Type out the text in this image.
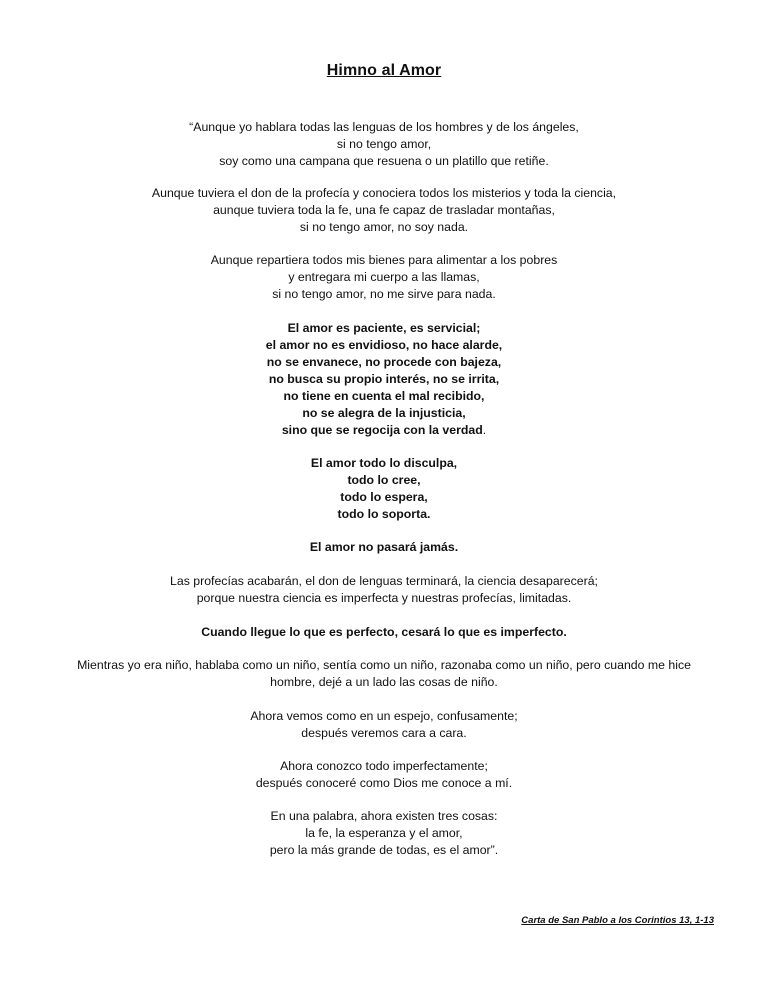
Himno al Amor
“Aunque yo hablara todas las lenguas de los hombres y de los ángeles,
si no tengo amor,
soy como una campana que resuena o un platillo que retiñe.
Aunque tuviera el don de la profecía y conociera todos los misterios y toda la ciencia,
aunque tuviera toda la fe, una fe capaz de trasladar montañas,
si no tengo amor, no soy nada.
Aunque repartiera todos mis bienes para alimentar a los pobres
y entregara mi cuerpo a las llamas,
si no tengo amor, no me sirve para nada.
El amor es paciente, es servicial;
el amor no es envidioso, no hace alarde,
no se envanece, no procede con bajeza,
no busca su propio interés, no se irrita,
no tiene en cuenta el mal recibido,
no se alegra de la injusticia,
sino que se regocija con la verdad.
El amor todo lo disculpa,
todo lo cree,
todo lo espera,
todo lo soporta.
El amor no pasará jamás.
Las profecías acabarán, el don de lenguas terminará, la ciencia desaparecerá;
porque nuestra ciencia es imperfecta y nuestras profecías, limitadas.
Cuando llegue lo que es perfecto, cesará lo que es imperfecto.
Mientras yo era niño, hablaba como un niño, sentía como un niño, razonaba como un niño, pero cuando me hice hombre, dejé a un lado las cosas de niño.
Ahora vemos como en un espejo, confusamente;
después veremos cara a cara.
Ahora conozco todo imperfectamente;
después conoceré como Dios me conoce a mí.
En una palabra, ahora existen tres cosas:
la fe, la esperanza y el amor,
pero la más grande de todas, es el amor”.
Carta de San Pablo a los Corintios 13, 1-13
